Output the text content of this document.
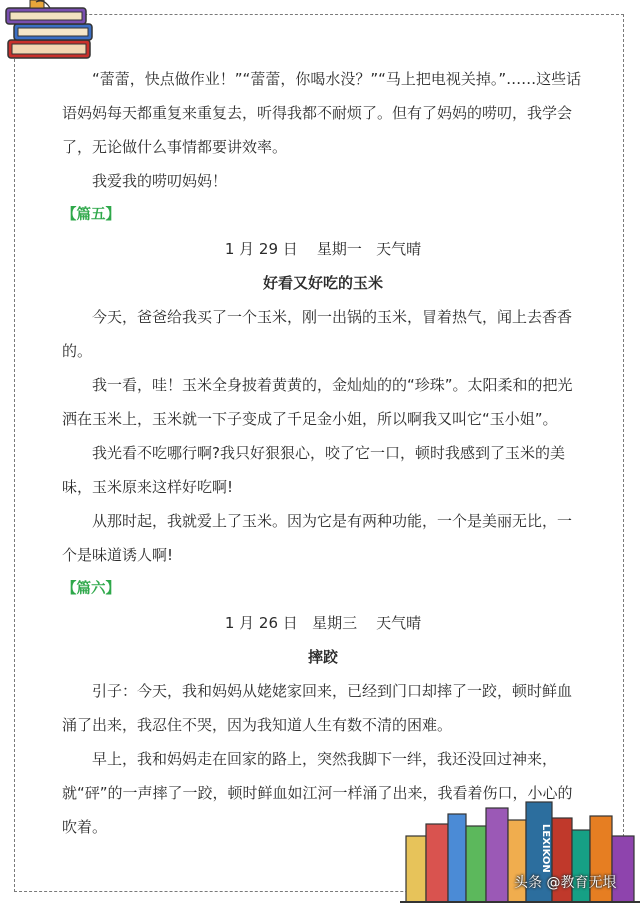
“蕾蕾，快点做作业！”“蕾蕾，你喝水没？”“马上把电视关掉。”……这些话语妈妈每天都重复来重复去，听得我都不耐烦了。但有了妈妈的唠叨，我学会了，无论做什么事情都要讲效率。

我爱我的唠叨妈妈！

【篇五】

1 月 29 日    星期一   天气晴

好看又好吃的玉米

今天，爸爸给我买了一个玉米，刚一出锅的玉米，冒着热气，闻上去香香的。

我一看，哇！玉米全身披着黄黄的，金灿灿的的“珍珠”。太阳柔和的把光洒在玉米上，玉米就一下子变成了千足金小姐，所以啊我又叫它“玉小姐”。

我光看不吃哪行啊?我只好狠狠心，咬了它一口，顿时我感到了玉米的美味，玉米原来这样好吃啊!

从那时起，我就爱上了玉米。因为它是有两种功能，一个是美丽无比，一个是味道诱人啊!

【篇六】

1 月 26 日   星期三    天气晴

摔跤

引子：今天，我和妈妈从姥姥家回来，已经到门口却摔了一跤，顿时鲜血涌了出来，我忍住不哭，因为我知道人生有数不清的困难。

早上，我和妈妈走在回家的路上，突然我脚下一绊，我还没回过神来，就“砰”的一声摔了一跤，顿时鲜血如江河一样涌了出来，我看着伤口，小心的吹着。	LEXIKON
头条 @教育无垠
